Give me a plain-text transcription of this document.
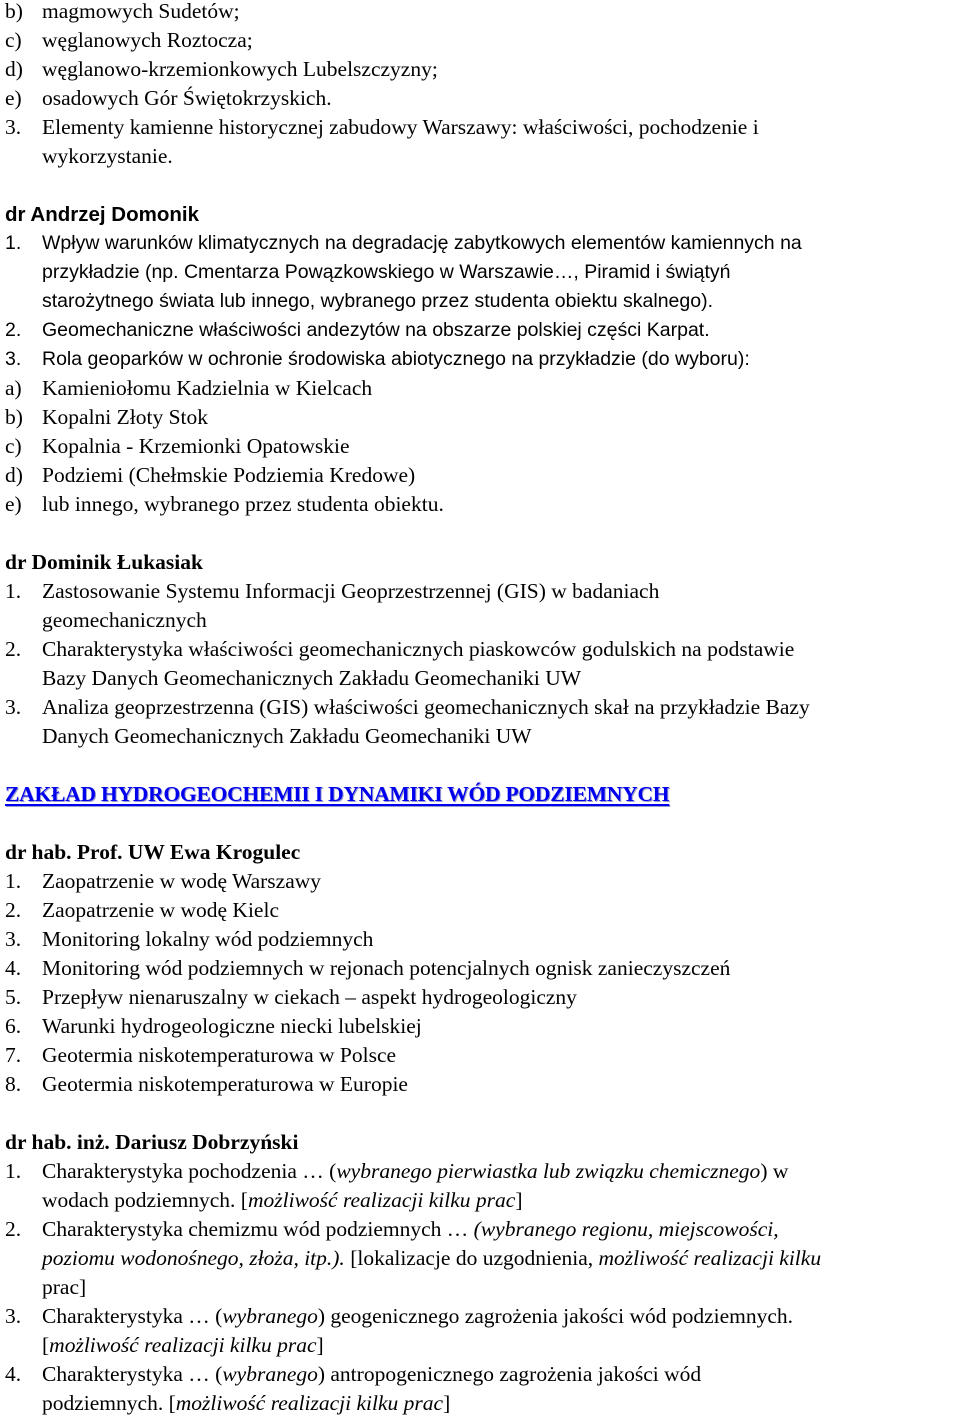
b) magmowych Sudetów;
c) węglanowych Roztocza;
d) węglanowo-krzemionkowych Lubelszczyzny;
e) osadowych Gór Świętokrzyskich.
3. Elementy kamienne historycznej zabudowy Warszawy: właściwości, pochodzenie i
wykorzystanie.
dr Andrzej Domonik
1.	Wpływ warunków klimatycznych na degradację zabytkowych elementów kamiennych na
przykładzie (np. Cmentarza Powązkowskiego w Warszawie…, Piramid i świątyń
starożytnego świata lub innego, wybranego przez studenta obiektu skalnego).
2.	Geomechaniczne właściwości andezytów na obszarze polskiej części Karpat.
3.	Rola geoparków w ochronie środowiska abiotycznego na przykładzie (do wyboru):
a) Kamieniołomu Kadzielnia w Kielcach
b) Kopalni Złoty Stok
c) Kopalnia - Krzemionki Opatowskie
d) Podziemi (Chełmskie Podziemia Kredowe)
e) lub innego, wybranego przez studenta obiektu.
dr Dominik Łukasiak
1. Zastosowanie Systemu Informacji Geoprzestrzennej (GIS) w badaniach
geomechanicznych
2. Charakterystyka właściwości geomechanicznych piaskowców godulskich na podstawie
Bazy Danych Geomechanicznych Zakładu Geomechaniki UW
3. Analiza geoprzestrzenna (GIS) właściwości geomechanicznych skał na przykładzie Bazy
Danych Geomechanicznych Zakładu Geomechaniki UW
ZAKŁAD HYDROGEOCHEMII I DYNAMIKI WÓD PODZIEMNYCH
dr hab. Prof. UW Ewa Krogulec
1. Zaopatrzenie w wodę Warszawy
2. Zaopatrzenie w wodę Kielc
3. Monitoring lokalny wód podziemnych
4. Monitoring wód podziemnych w rejonach potencjalnych ognisk zanieczyszczeń
5. Przepływ nienaruszalny w ciekach – aspekt hydrogeologiczny
6. Warunki hydrogeologiczne niecki lubelskiej
7. Geotermia niskotemperaturowa w Polsce
8. Geotermia niskotemperaturowa w Europie
dr hab. inż. Dariusz Dobrzyński
1. Charakterystyka pochodzenia … (wybranego pierwiastka lub związku chemicznego) w
wodach podziemnych. [możliwość realizacji kilku prac]
2. Charakterystyka chemizmu wód podziemnych … (wybranego regionu, miejscowości,
poziomu wodonośnego, złoża, itp.). [lokalizacje do uzgodnienia, możliwość realizacji kilku
prac]
3. Charakterystyka … (wybranego) geogenicznego zagrożenia jakości wód podziemnych.
[możliwość realizacji kilku prac]
4. Charakterystyka … (wybranego) antropogenicznego zagrożenia jakości wód
podziemnych. [możliwość realizacji kilku prac]
